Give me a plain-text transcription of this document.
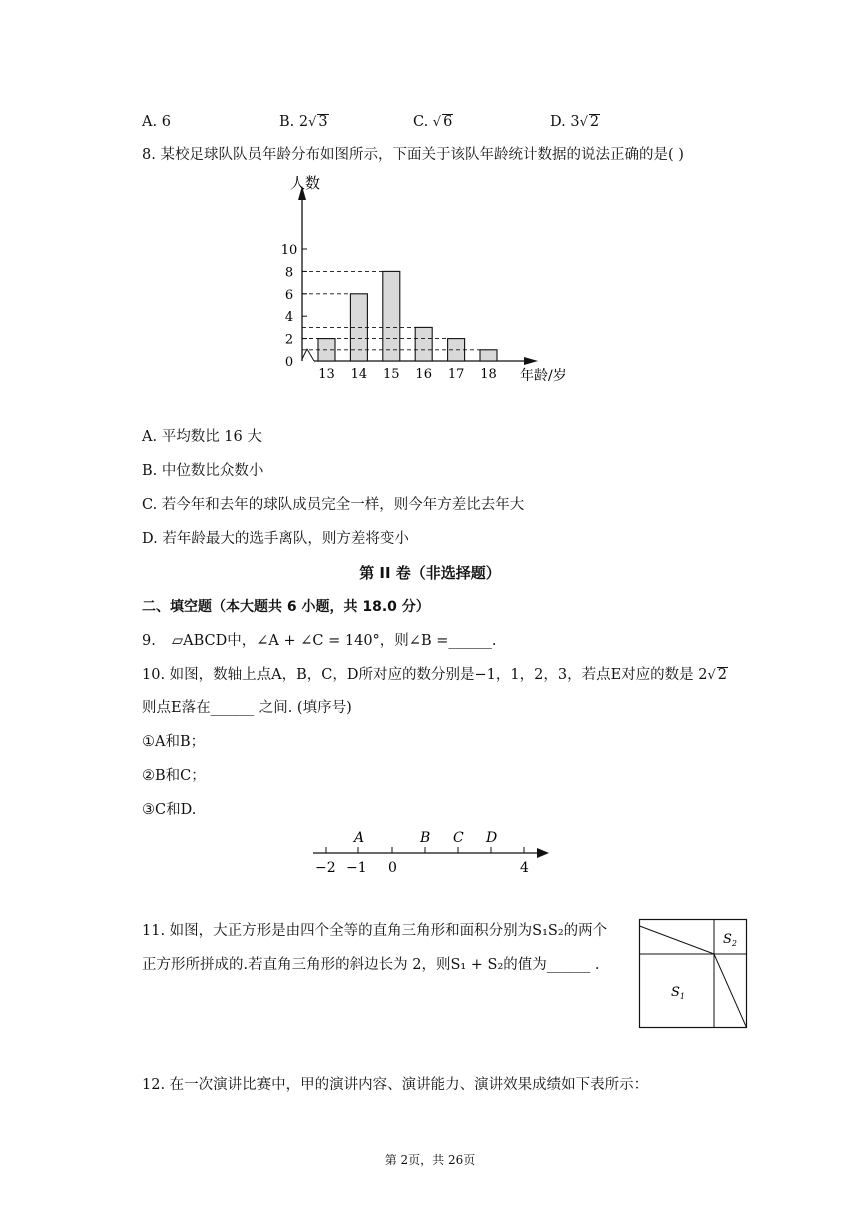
A. 6	B. 2√ 3	C. √ 6	D. 3√ 2
8. 某校足球队队员年龄分布如图所示，下面关于该队年龄统计数据的说法正确的是( )
0
2
4
6
8
10
13 14 15 16 17 18
人数
年龄/岁
A. 平均数比 16 大
B. 中位数比众数小
C. 若今年和去年的球队成员完全一样，则今年方差比去年大
D. 若年龄最大的选手离队，则方差将变小
第 II 卷（非选择题）
二、填空题（本大题共 6 小题，共 18.0 分）
9. ▱ABCD中，∠A + ∠C = 140°，则∠B =______.
10. 如图，数轴上点A，B，C，D所对应的数分别是−1，1，2，3，若点E对应的数是 2√ 2
则点E落在______ 之间. (填序号)
①A和B；
②B和C；
③C和D.
A	B C D
−2 −1 0	4
11. 如图，大正方形是由四个全等的直角三角形和面积分别为S₁S₂的两个
正方形所拼成的.若直角三角形的斜边长为 2，则S₁ + S₂的值为______ .
$S_2$
$S_1$
12. 在一次演讲比赛中，甲的演讲内容、演讲能力、演讲效果成绩如下表所示：
第 2页，共 26页
